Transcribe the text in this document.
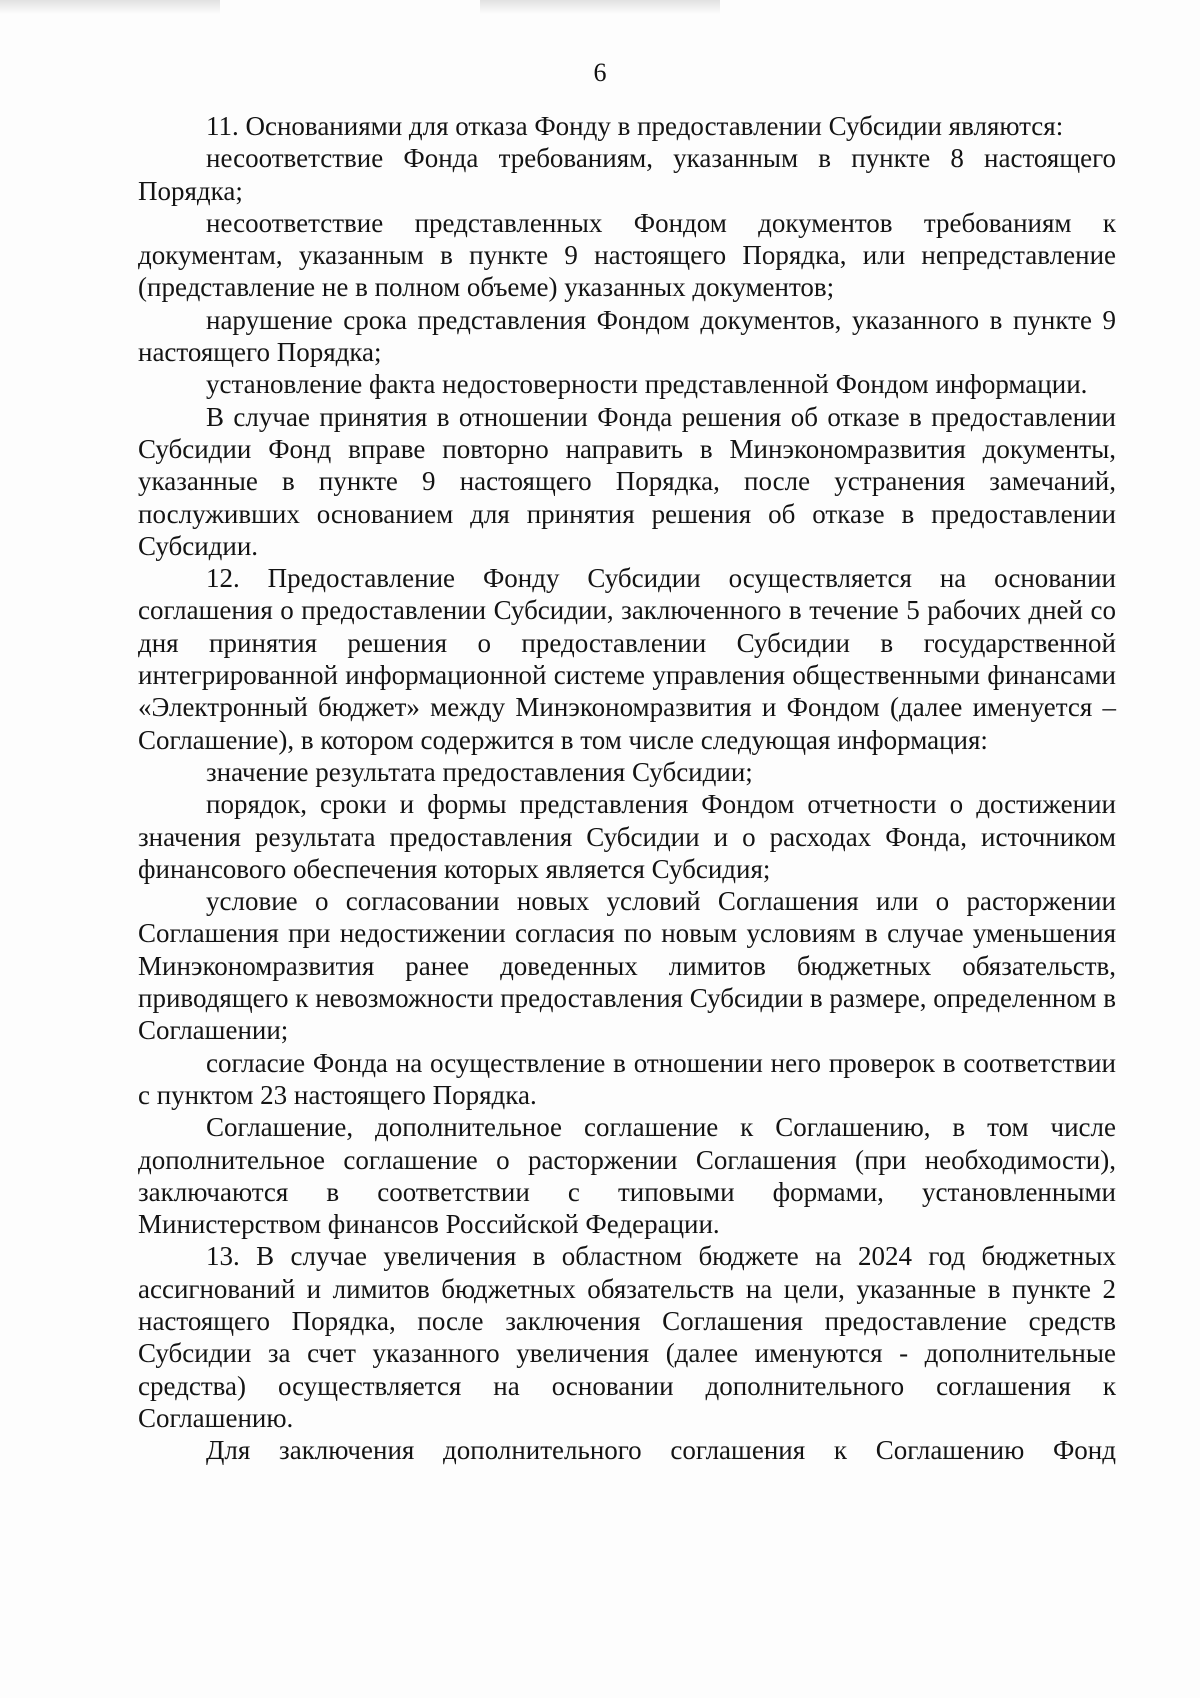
6

11. Основаниями для отказа Фонду в предоставлении Субсидии являются:

несоответствие Фонда требованиям, указанным в пункте 8 настоящего Порядка;

несоответствие представленных Фондом документов требованиям к документам, указанным в пункте 9 настоящего Порядка, или непредставление (представление не в полном объеме) указанных документов;

нарушение срока представления Фондом документов, указанного в пункте 9 настоящего Порядка;

установление факта недостоверности представленной Фондом информации.

В случае принятия в отношении Фонда решения об отказе в предоставлении Субсидии Фонд вправе повторно направить в Минэкономразвития документы, указанные в пункте 9 настоящего Порядка, после устранения замечаний, послуживших основанием для принятия решения об отказе в предоставлении Субсидии.

12. Предоставление Фонду Субсидии осуществляется на основании соглашения о предоставлении Субсидии, заключенного в течение 5 рабочих дней со дня принятия решения о предоставлении Субсидии в государственной интегрированной информационной системе управления общественными финансами «Электронный бюджет» между Минэкономразвития и Фондом (далее именуется – Соглашение), в котором содержится в том числе следующая информация:

значение результата предоставления Субсидии;

порядок, сроки и формы представления Фондом отчетности о достижении значения результата предоставления Субсидии и о расходах Фонда, источником финансового обеспечения которых является Субсидия;

условие о согласовании новых условий Соглашения или о расторжении Соглашения при недостижении согласия по новым условиям в случае уменьшения Минэкономразвития ранее доведенных лимитов бюджетных обязательств, приводящего к невозможности предоставления Субсидии в размере, определенном в Соглашении;

согласие Фонда на осуществление в отношении него проверок в соответствии с пунктом 23 настоящего Порядка.

Соглашение, дополнительное соглашение к Соглашению, в том числе дополнительное соглашение о расторжении Соглашения (при необходимости), заключаются в соответствии с типовыми формами, установленными Министерством финансов Российской Федерации.

13. В случае увеличения в областном бюджете на 2024 год бюджетных ассигнований и лимитов бюджетных обязательств на цели, указанные в пункте 2 настоящего Порядка, после заключения Соглашения предоставление средств Субсидии за счет указанного увеличения (далее именуются - дополнительные средства) осуществляется на основании дополнительного соглашения к Соглашению.

Для заключения дополнительного соглашения к Соглашению Фонд
